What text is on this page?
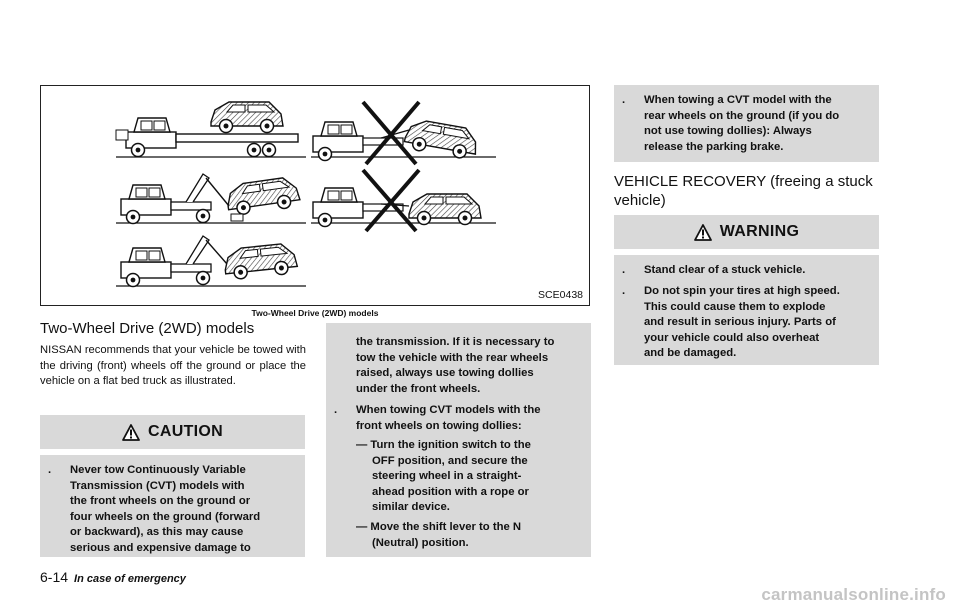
SCE0438
Two-Wheel Drive (2WD) models
Two-Wheel Drive (2WD) models

NISSAN recommends that your vehicle be towed with the driving (front) wheels off the ground or place the vehicle on a flat bed truck as illustrated.

CAUTION
.	Never tow Continuously Variable
Transmission (CVT) models with
the front wheels on the ground or
four wheels on the ground (forward
or backward), as this may cause
serious and expensive damage to
the transmission. If it is necessary to
tow the vehicle with the rear wheels
raised, always use towing dollies
under the front wheels.
.	When towing CVT models with the
front wheels on towing dollies:
— Turn the ignition switch to the
OFF position, and secure the
steering wheel in a straight-
ahead position with a rope or
similar device.
— Move the shift lever to the N
(Neutral) position.
.	When towing a CVT model with the
rear wheels on the ground (if you do
not use towing dollies): Always
release the parking brake.
VEHICLE RECOVERY (freeing a stuck vehicle)
WARNING
.	Stand clear of a stuck vehicle.
.	Do not spin your tires at high speed.
This could cause them to explode
and result in serious injury. Parts of
your vehicle could also overheat
and be damaged.
6-14 In case of emergency
carmanualsonline.info
